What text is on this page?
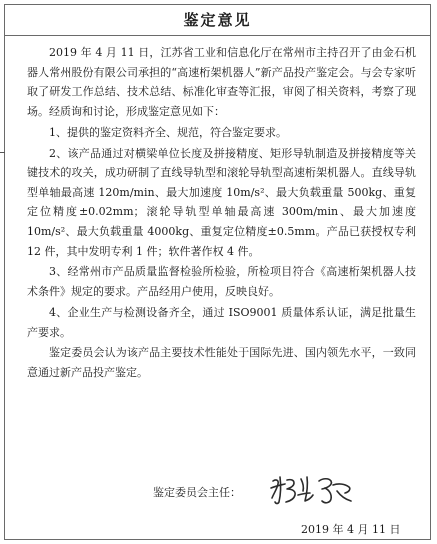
鉴定意见

2019 年 4 月 11 日，江苏省工业和信息化厅在常州市主持召开了由金石机器人常州股份有限公司承担的“高速桁架机器人”新产品投产鉴定会。与会专家听取了研发工作总结、技术总结、标准化审查等汇报，审阅了相关资料，考察了现场。经质询和讨论，形成鉴定意见如下：

1、提供的鉴定资料齐全、规范，符合鉴定要求。

2、该产品通过对横梁单位长度及拼接精度、矩形导轨制造及拼接精度等关键技术的攻关，成功研制了直线导轨型和滚轮导轨型高速桁架机器人。直线导轨型单轴最高速 120m/min、最大加速度 10m/s²、最大负载重量 500kg、重复定位精度±0.02mm；滚轮导轨型单轴最高速 300m/min、最大加速度 10m/s²、最大负载重量 4000kg、重复定位精度±0.5mm。产品已获授权专利 12 件，其中发明专利 1 件；软件著作权 4 件。

3、经常州市产品质量监督检验所检验，所检项目符合《高速桁架机器人技术条件》规定的要求。产品经用户使用，反映良好。

4、企业生产与检测设备齐全，通过 ISO9001 质量体系认证，满足批量生产要求。

鉴定委员会认为该产品主要技术性能处于国际先进、国内领先水平，一致同意通过新产品投产鉴定。

鉴定委员会主任：
2019 年 4 月 11 日
